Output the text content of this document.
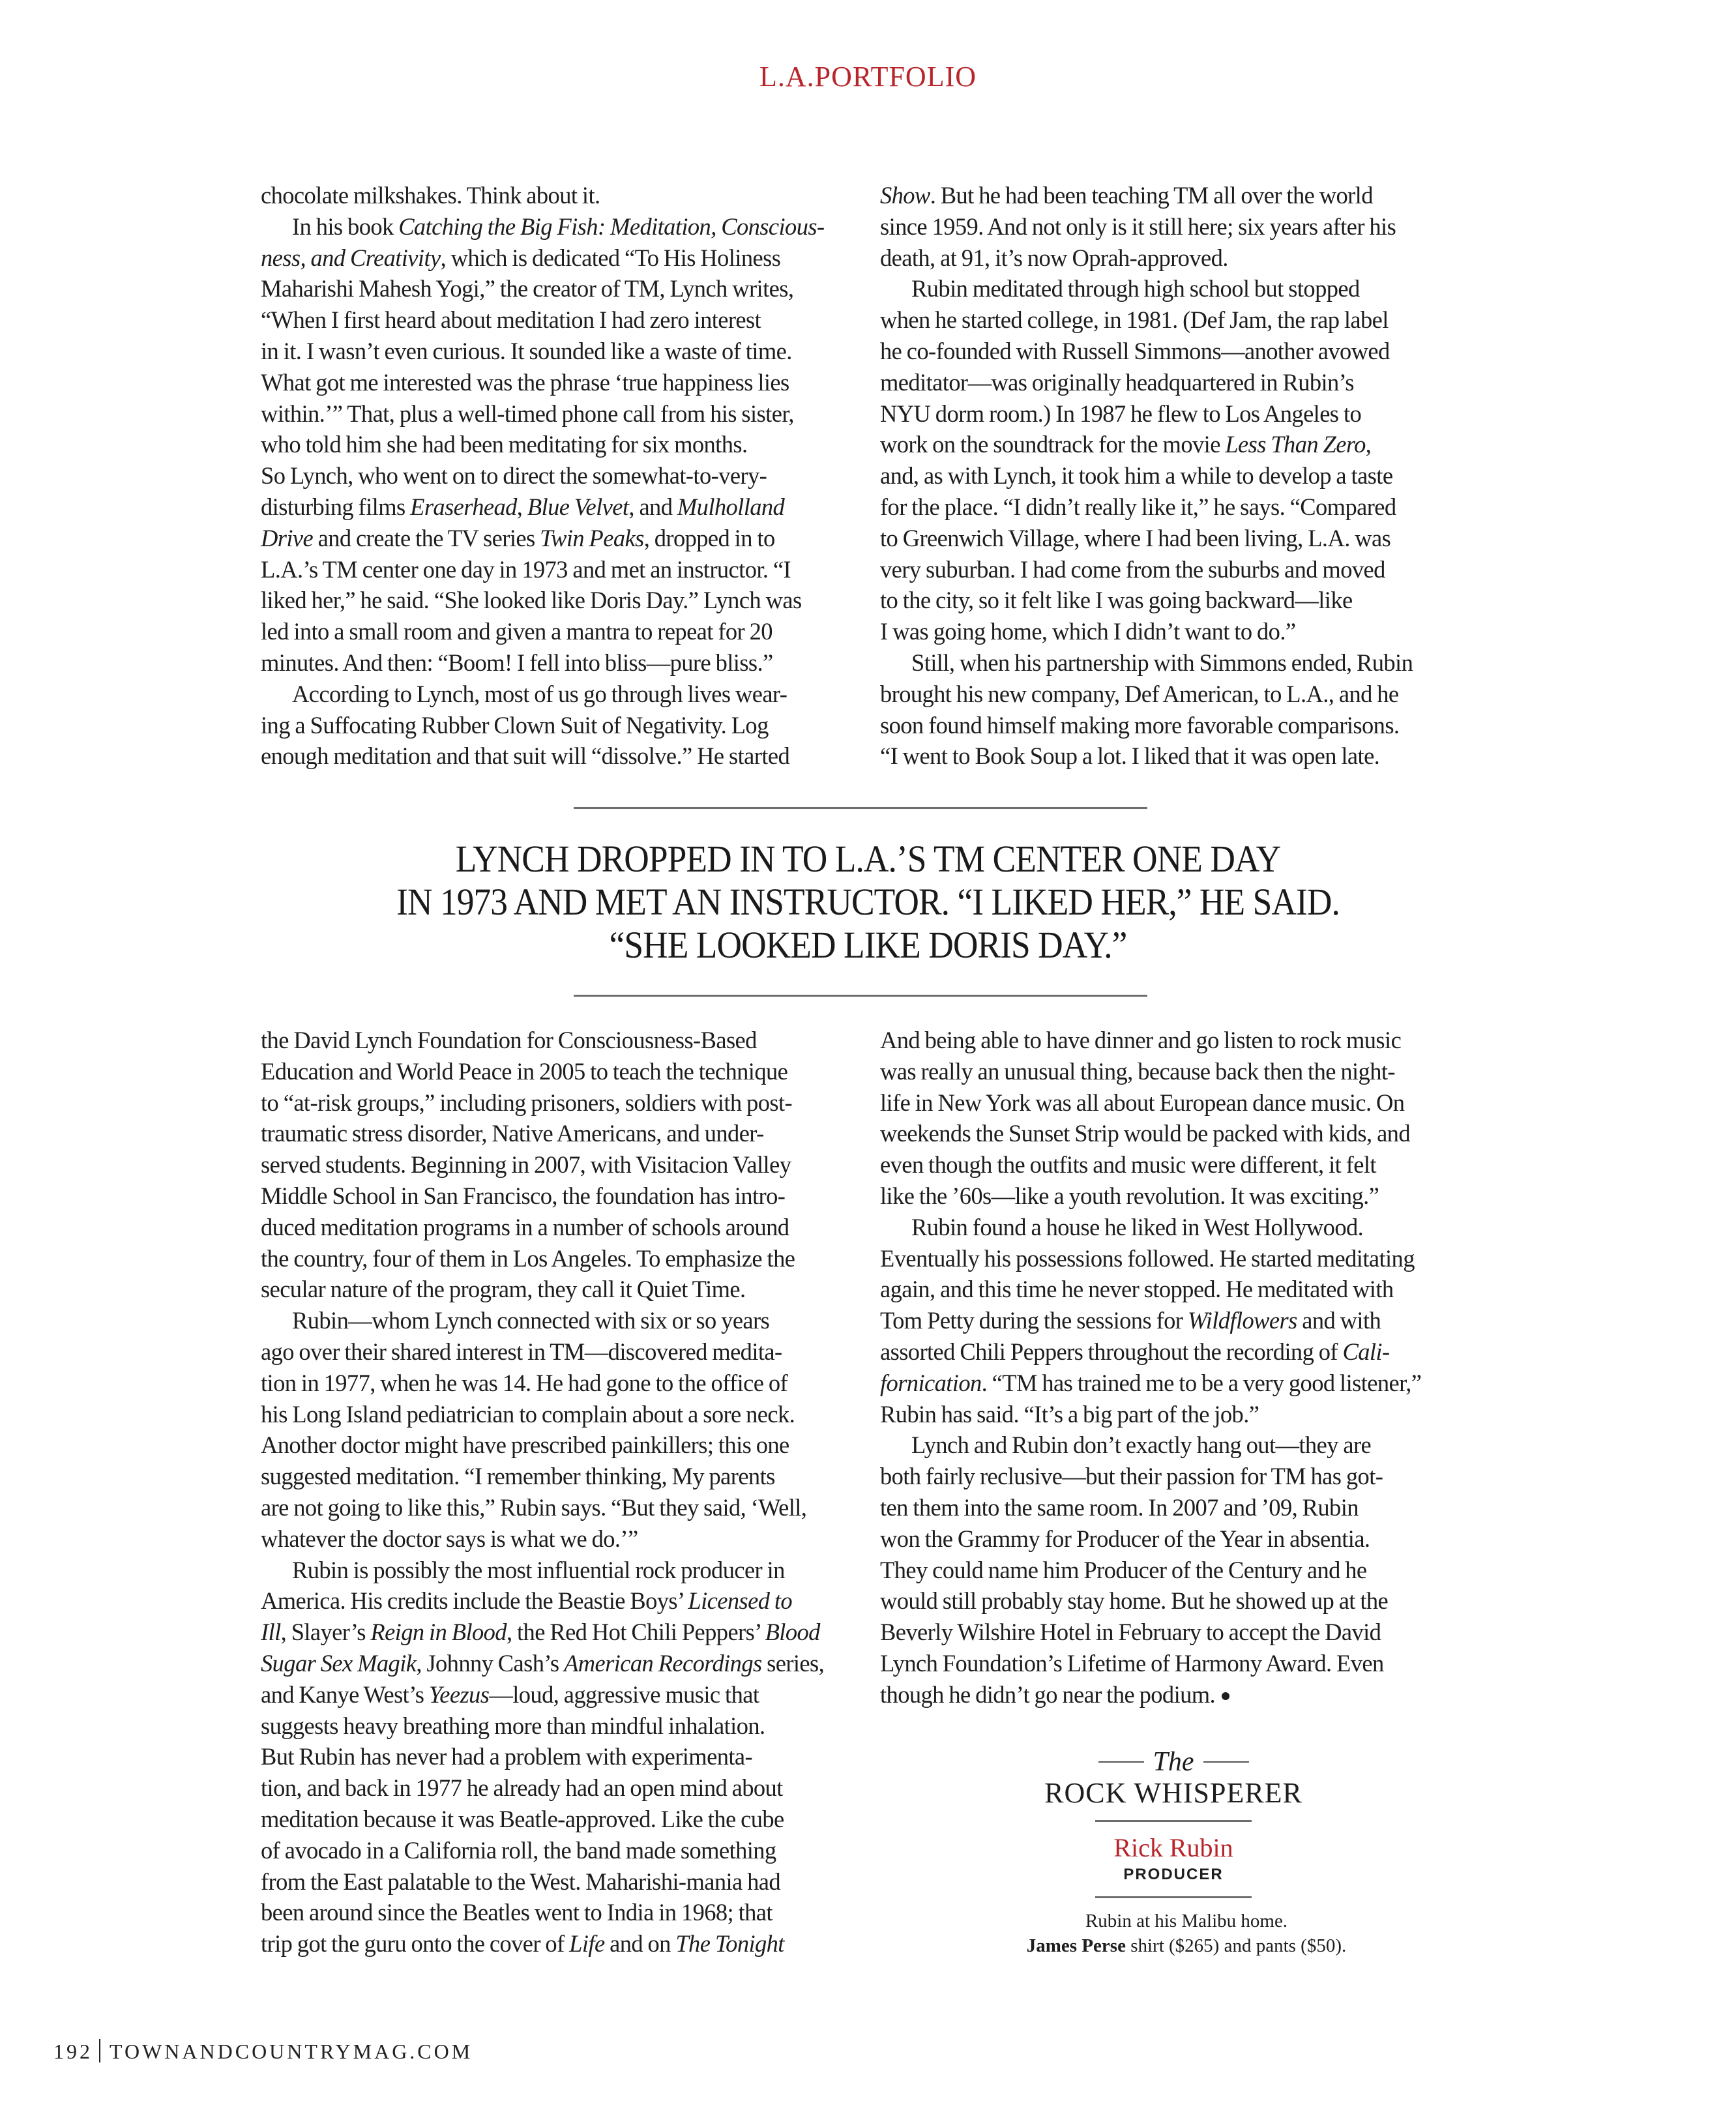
L.A.PORTFOLIO

chocolate milkshakes. Think about it.
In his book Catching the Big Fish: Meditation, Conscious-
ness, and Creativity, which is dedicated “To His Holiness
Maharishi Mahesh Yogi,” the creator of TM, Lynch writes,
“When I first heard about meditation I had zero interest
in it. I wasn’t even curious. It sounded like a waste of time.
What got me interested was the phrase ‘true happiness lies
within.’” That, plus a well-timed phone call from his sister,
who told him she had been meditating for six months.
So Lynch, who went on to direct the somewhat-to-very-
disturbing films Eraserhead, Blue Velvet, and Mulholland
Drive and create the TV series Twin Peaks, dropped in to
L.A.’s TM center one day in 1973 and met an instructor. “I
liked her,” he said. “She looked like Doris Day.” Lynch was
led into a small room and given a mantra to repeat for 20
minutes. And then: “Boom! I fell into bliss—pure bliss.”
According to Lynch, most of us go through lives wear-
ing a Suffocating Rubber Clown Suit of Negativity. Log
enough meditation and that suit will “dissolve.” He started

Show. But he had been teaching TM all over the world
since 1959. And not only is it still here; six years after his
death, at 91, it’s now Oprah-approved.
Rubin meditated through high school but stopped
when he started college, in 1981. (Def Jam, the rap label
he co-founded with Russell Simmons—another avowed
meditator—was originally headquartered in Rubin’s
NYU dorm room.) In 1987 he flew to Los Angeles to
work on the soundtrack for the movie Less Than Zero,
and, as with Lynch, it took him a while to develop a taste
for the place. “I didn’t really like it,” he says. “Compared
to Greenwich Village, where I had been living, L.A. was
very suburban. I had come from the suburbs and moved
to the city, so it felt like I was going backward—like
I was going home, which I didn’t want to do.”
Still, when his partnership with Simmons ended, Rubin
brought his new company, Def American, to L.A., and he
soon found himself making more favorable comparisons.
“I went to Book Soup a lot. I liked that it was open late.

LYNCH DROPPED IN TO L.A.’S TM CENTER ONE DAY
IN 1973 AND MET AN INSTRUCTOR. “I LIKED HER,” HE SAID.
“SHE LOOKED LIKE DORIS DAY.”

the David Lynch Foundation for Consciousness-Based
Education and World Peace in 2005 to teach the technique
to “at-risk groups,” including prisoners, soldiers with post-
traumatic stress disorder, Native Americans, and under-
served students. Beginning in 2007, with Visitacion Valley
Middle School in San Francisco, the foundation has intro-
duced meditation programs in a number of schools around
the country, four of them in Los Angeles. To emphasize the
secular nature of the program, they call it Quiet Time.
Rubin—whom Lynch connected with six or so years
ago over their shared interest in TM—discovered medita-
tion in 1977, when he was 14. He had gone to the office of
his Long Island pediatrician to complain about a sore neck.
Another doctor might have prescribed painkillers; this one
suggested meditation. “I remember thinking, My parents
are not going to like this,” Rubin says. “But they said, ‘Well,
whatever the doctor says is what we do.’”
Rubin is possibly the most influential rock producer in
America. His credits include the Beastie Boys’ Licensed to
Ill, Slayer’s Reign in Blood, the Red Hot Chili Peppers’ Blood
Sugar Sex Magik, Johnny Cash’s American Recordings series,
and Kanye West’s Yeezus—loud, aggressive music that
suggests heavy breathing more than mindful inhalation.
But Rubin has never had a problem with experimenta-
tion, and back in 1977 he already had an open mind about
meditation because it was Beatle-approved. Like the cube
of avocado in a California roll, the band made something
from the East palatable to the West. Maharishi-mania had
been around since the Beatles went to India in 1968; that
trip got the guru onto the cover of Life and on The Tonight

And being able to have dinner and go listen to rock music
was really an unusual thing, because back then the night-
life in New York was all about European dance music. On
weekends the Sunset Strip would be packed with kids, and
even though the outfits and music were different, it felt
like the ’60s—like a youth revolution. It was exciting.”
Rubin found a house he liked in West Hollywood.
Eventually his possessions followed. He started meditating
again, and this time he never stopped. He meditated with
Tom Petty during the sessions for Wildflowers and with
assorted Chili Peppers throughout the recording of Cali-
fornication. “TM has trained me to be a very good listener,”
Rubin has said. “It’s a big part of the job.”
Lynch and Rubin don’t exactly hang out—they are
both fairly reclusive—but their passion for TM has got-
ten them into the same room. In 2007 and ’09, Rubin
won the Grammy for Producer of the Year in absentia.
They could name him Producer of the Century and he
would still probably stay home. But he showed up at the
Beverly Wilshire Hotel in February to accept the David
Lynch Foundation’s Lifetime of Harmony Award. Even
though he didn’t go near the podium.

The
ROCK WHISPERER
Rick Rubin
PRODUCER
Rubin at his Malibu home.
James Perse shirt ($265) and pants ($50).
192 TOWNANDCOUNTRYMAG.COM
